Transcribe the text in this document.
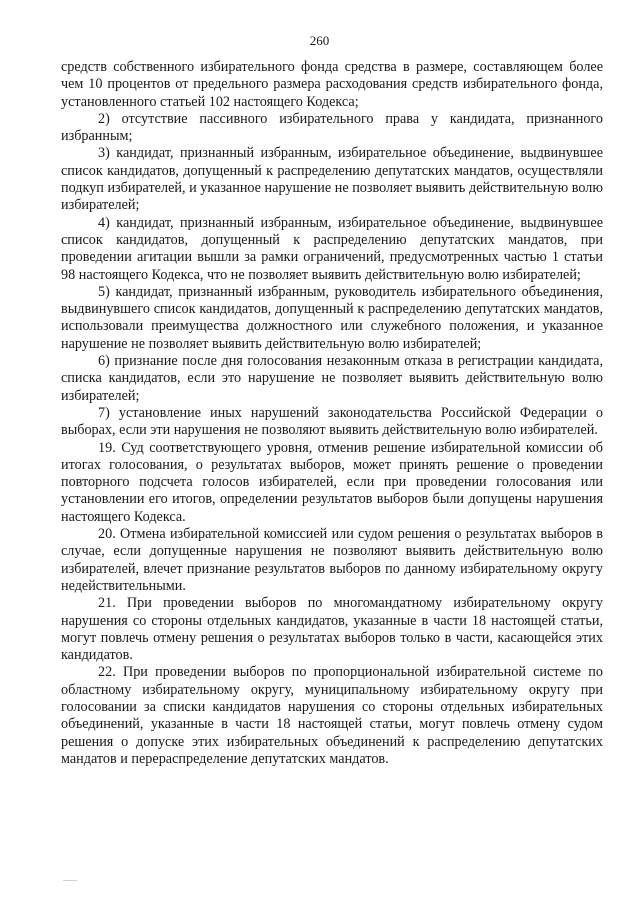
260

средств собственного избирательного фонда средства в размере, составляющем более чем 10 процентов от предельного размера расходования средств избирательного фонда, установленного статьей 102 настоящего Кодекса;

2) отсутствие пассивного избирательного права у кандидата, признанного избранным;

3) кандидат, признанный избранным, избирательное объединение, выдвинувшее список кандидатов, допущенный к распределению депутатских мандатов, осуществляли подкуп избирателей, и указанное нарушение не позволяет выявить действительную волю избирателей;

4) кандидат, признанный избранным, избирательное объединение, выдвинувшее список кандидатов, допущенный к распределению депутатских мандатов, при проведении агитации вышли за рамки ограничений, предусмотренных частью 1 статьи 98 настоящего Кодекса, что не позволяет выявить действительную волю избирателей;

5) кандидат, признанный избранным, руководитель избирательного объединения, выдвинувшего список кандидатов, допущенный к распределению депутатских мандатов, использовали преимущества должностного или служебного положения, и указанное нарушение не позволяет выявить действительную волю избирателей;

6) признание после дня голосования незаконным отказа в регистрации кандидата, списка кандидатов, если это нарушение не позволяет выявить действительную волю избирателей;

7) установление иных нарушений законодательства Российской Федерации о выборах, если эти нарушения не позволяют выявить действительную волю избирателей.

19. Суд соответствующего уровня, отменив решение избирательной комиссии об итогах голосования, о результатах выборов, может принять решение о проведении повторного подсчета голосов избирателей, если при проведении голосования или установлении его итогов, определении результатов выборов были допущены нарушения настоящего Кодекса.

20. Отмена избирательной комиссией или судом решения о результатах выборов в случае, если допущенные нарушения не позволяют выявить действительную волю избирателей, влечет признание результатов выборов по данному избирательному округу недействительными.

21. При проведении выборов по многомандатному избирательному округу нарушения со стороны отдельных кандидатов, указанные в части 18 настоящей статьи, могут повлечь отмену решения о результатах выборов только в части, касающейся этих кандидатов.

22. При проведении выборов по пропорциональной избирательной системе по областному избирательному округу, муниципальному избирательному округу при голосовании за списки кандидатов нарушения со стороны отдельных избирательных объединений, указанные в части 18 настоящей статьи, могут повлечь отмену судом решения о допуске этих избирательных объединений к распределению депутатских мандатов и перераспределение депутатских мандатов.
